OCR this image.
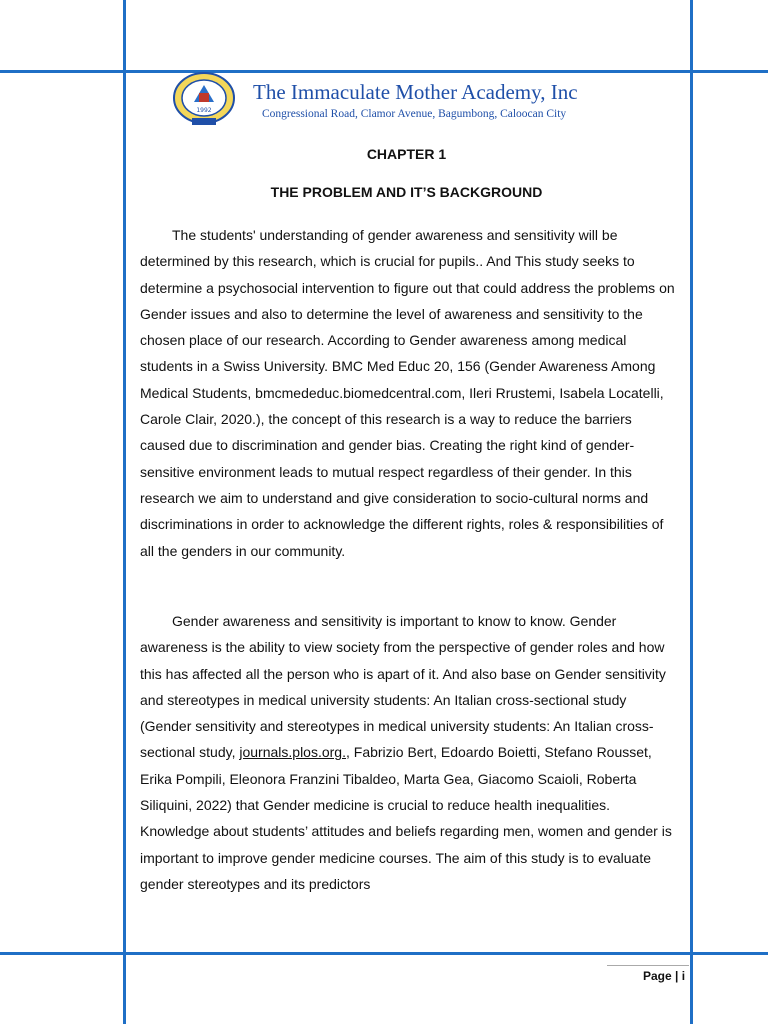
1992
The Immaculate Mother Academy, Inc
Congressional Road, Clamor Avenue, Bagumbong, Caloocan City
CHAPTER 1
THE PROBLEM AND IT’S BACKGROUND

The students' understanding of gender awareness and sensitivity will be determined by this research, which is crucial for pupils.. And This study seeks to determine a psychosocial intervention to figure out that could address the problems on Gender issues and also to determine the level of awareness and sensitivity to the chosen place of our research. According to Gender awareness among medical students in a Swiss University. BMC Med Educ 20, 156 (Gender Awareness Among Medical Students, bmcmededuc.biomedcentral.com, Ileri Rrustemi, Isabela Locatelli, Carole Clair, 2020.), the concept of this research is a way to reduce the barriers caused due to discrimination and gender bias. Creating the right kind of gender-sensitive environment leads to mutual respect regardless of their gender. In this research we aim to understand and give consideration to socio-cultural norms and discriminations in order to acknowledge the different rights, roles & responsibilities of all the genders in our community.

Gender awareness and sensitivity is important to know to know. Gender awareness is the ability to view society from the perspective of gender roles and how this has affected all the person who is apart of it. And also base on Gender sensitivity and stereotypes in medical university students: An Italian cross-sectional study (Gender sensitivity and stereotypes in medical university students: An Italian cross-sectional study, journals.plos.org., Fabrizio Bert, Edoardo Boietti, Stefano Rousset, Erika Pompili, Eleonora Franzini Tibaldeo, Marta Gea, Giacomo Scaioli, Roberta Siliquini, 2022) that Gender medicine is crucial to reduce health inequalities. Knowledge about students’ attitudes and beliefs regarding men, women and gender is important to improve gender medicine courses. The aim of this study is to evaluate gender stereotypes and its predictors

Page | i
